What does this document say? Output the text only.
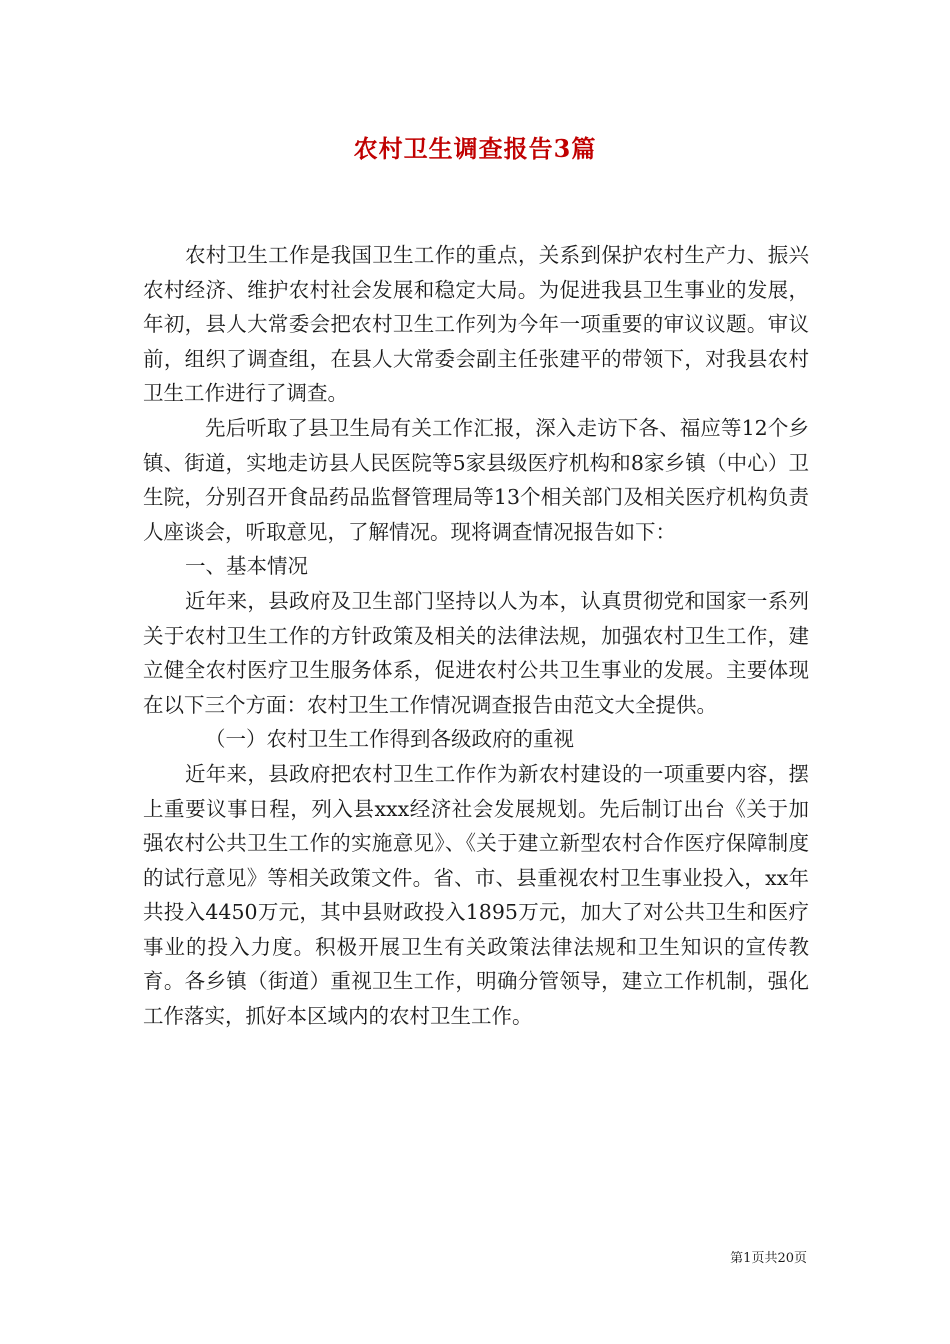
农村卫生调查报告3篇

农村卫生工作是我国卫生工作的重点，关系到保护农村生产力、振兴农村经济、维护农村社会发展和稳定大局。为促进我县卫生事业的发展，年初，县人大常委会把农村卫生工作列为今年一项重要的审议议题。审议前，组织了调查组，在县人大常委会副主任张建平的带领下，对我县农村卫生工作进行了调查。

先后听取了县卫生局有关工作汇报，深入走访下各、福应等12个乡镇、街道，实地走访县人民医院等5家县级医疗机构和8家乡镇（中心）卫生院，分别召开食品药品监督管理局等13个相关部门及相关医疗机构负责人座谈会，听取意见，了解情况。现将调查情况报告如下：

一、基本情况

近年来，县政府及卫生部门坚持以人为本，认真贯彻党和国家一系列关于农村卫生工作的方针政策及相关的法律法规，加强农村卫生工作，建立健全农村医疗卫生服务体系，促进农村公共卫生事业的发展。主要体现在以下三个方面：农村卫生工作情况调查报告由范文大全提供。

（一）农村卫生工作得到各级政府的重视

近年来，县政府把农村卫生工作作为新农村建设的一项重要内容，摆上重要议事日程，列入县xxx经济社会发展规划。先后制订出台《关于加强农村公共卫生工作的实施意见》、《关于建立新型农村合作医疗保障制度的试行意见》等相关政策文件。省、市、县重视农村卫生事业投入，xx年共投入4450万元，其中县财政投入1895万元，加大了对公共卫生和医疗事业的投入力度。积极开展卫生有关政策法律法规和卫生知识的宣传教育。各乡镇（街道）重视卫生工作，明确分管领导，建立工作机制，强化工作落实，抓好本区域内的农村卫生工作。

第1页共20页
